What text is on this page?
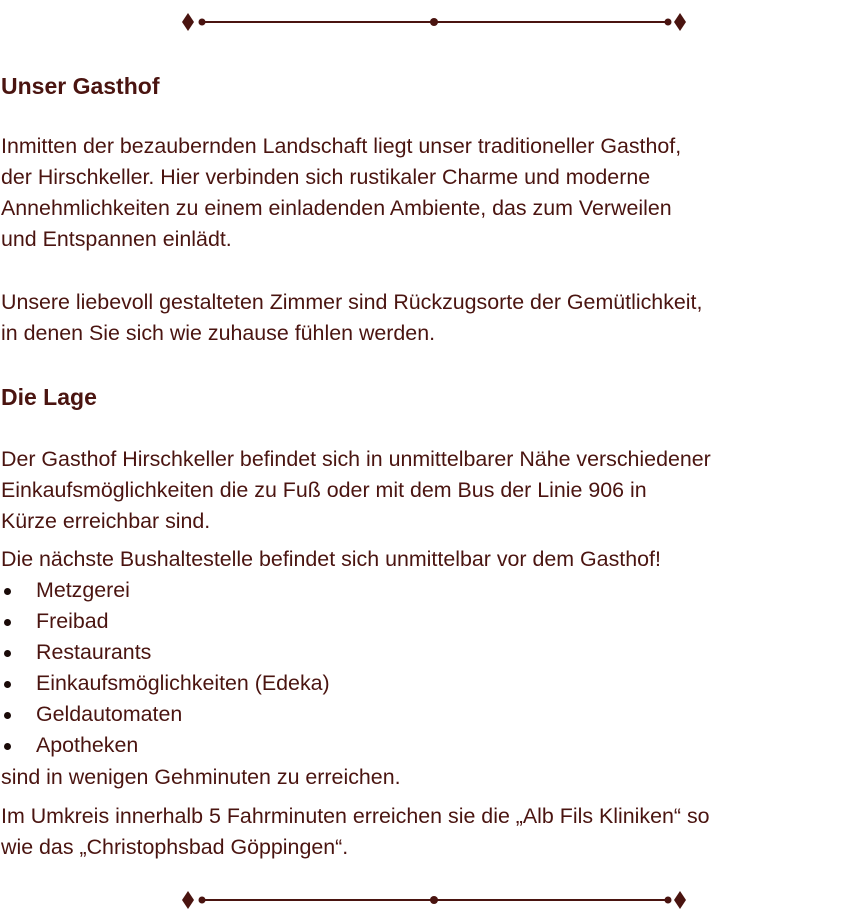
Unser Gasthof

Inmitten der bezaubernden Landschaft liegt unser traditioneller Gasthof,
der Hirschkeller. Hier verbinden sich rustikaler Charme und moderne
Annehmlichkeiten zu einem einladenden Ambiente, das zum Verweilen
und Entspannen einlädt.

Unsere liebevoll gestalteten Zimmer sind Rückzugsorte der Gemütlichkeit,
in denen Sie sich wie zuhause fühlen werden.

Die Lage

Der Gasthof Hirschkeller befindet sich in unmittelbarer Nähe verschiedener
Einkaufsmöglichkeiten die zu Fuß oder mit dem Bus der Linie 906 in
Kürze erreichbar sind.

Die nächste Bushaltestelle befindet sich unmittelbar vor dem Gasthof!

Metzgerei
Freibad
Restaurants
Einkaufsmöglichkeiten (Edeka)
Geldautomaten
Apotheken

sind in wenigen Gehminuten zu erreichen.

Im Umkreis innerhalb 5 Fahrminuten erreichen sie die „Alb Fils Kliniken“ so
wie das „Christophsbad Göppingen“.
